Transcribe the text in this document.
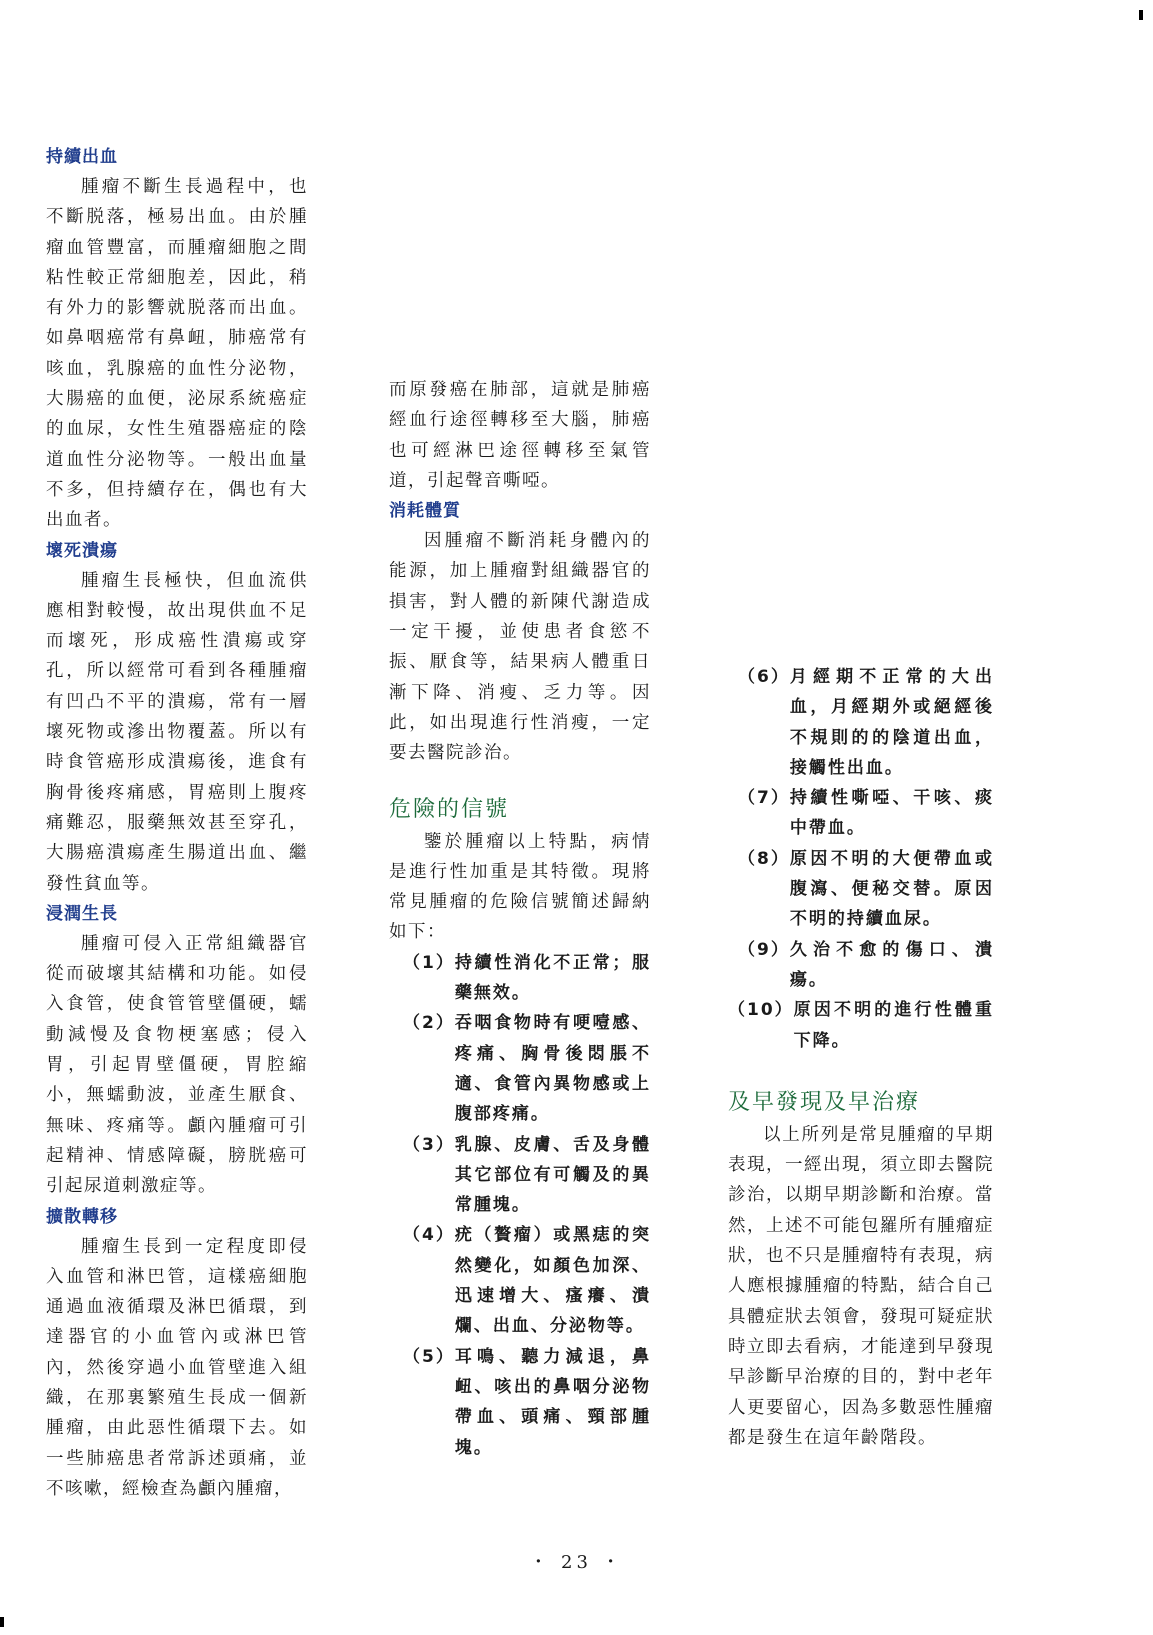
持續出血

腫瘤不斷生長過程中，也不斷脱落，極易出血。由於腫瘤血管豐富，而腫瘤細胞之間粘性較正常細胞差，因此，稍有外力的影響就脱落而出血。如鼻咽癌常有鼻衄，肺癌常有咳血，乳腺癌的血性分泌物，大腸癌的血便，泌尿系統癌症的血尿，女性生殖器癌症的陰道血性分泌物等。一般出血量不多，但持續存在，偶也有大出血者。

壞死潰瘍

腫瘤生長極快，但血流供應相對較慢，故出現供血不足而壞死，形成癌性潰瘍或穿孔，所以經常可看到各種腫瘤有凹凸不平的潰瘍，常有一層壞死物或滲出物覆蓋。所以有時食管癌形成潰瘍後，進食有胸骨後疼痛感，胃癌則上腹疼痛難忍，服藥無效甚至穿孔，大腸癌潰瘍產生腸道出血、繼發性貧血等。

浸潤生長

腫瘤可侵入正常組織器官從而破壞其結構和功能。如侵入食管，使食管管壁僵硬，蠕動減慢及食物梗塞感；侵入胃，引起胃壁僵硬，胃腔縮小，無蠕動波，並產生厭食、無味、疼痛等。顱內腫瘤可引起精神、情感障礙，膀胱癌可引起尿道刺激症等。

擴散轉移

腫瘤生長到一定程度即侵入血管和淋巴管，這樣癌細胞通過血液循環及淋巴循環，到達器官的小血管內或淋巴管內，然後穿過小血管壁進入組織，在那裏繁殖生長成一個新腫瘤，由此惡性循環下去。如一些肺癌患者常訴述頭痛，並不咳嗽，經檢查為顱內腫瘤，

而原發癌在肺部，這就是肺癌經血行途徑轉移至大腦，肺癌也可經淋巴途徑轉移至氣管道，引起聲音嘶啞。

消耗體質

因腫瘤不斷消耗身體內的能源，加上腫瘤對組織器官的損害，對人體的新陳代謝造成一定干擾，並使患者食慾不振、厭食等，結果病人體重日漸下降、消瘦、乏力等。因此，如出現進行性消瘦，一定要去醫院診治。

危險的信號

鑒於腫瘤以上特點，病情是進行性加重是其特徵。現將常見腫瘤的危險信號簡述歸納如下：

（1） 持續性消化不正常；服藥無效。
（2） 吞咽食物時有哽噎感、疼痛、胸骨後悶脹不適、食管內異物感或上腹部疼痛。
（3） 乳腺、皮膚、舌及身體其它部位有可觸及的異常腫塊。
（4） 疣（贅瘤）或黑痣的突然變化，如顏色加深、迅速增大、瘙癢、潰爛、出血、分泌物等。
（5） 耳鳴、聽力減退，鼻衄、咳出的鼻咽分泌物帶血、頭痛、頸部腫塊。
（6） 月經期不正常的大出血，月經期外或絕經後不規則的的陰道出血，接觸性出血。
（7） 持續性嘶啞、干咳、痰中帶血。
（8） 原因不明的大便帶血或腹瀉、便秘交替。原因不明的持續血尿。
（9） 久治不愈的傷口、潰瘍。
（10） 原因不明的進行性體重下降。
及早發現及早治療

以上所列是常見腫瘤的早期表現，一經出現，須立即去醫院診治，以期早期診斷和治療。當然，上述不可能包羅所有腫瘤症狀，也不只是腫瘤特有表現，病人應根據腫瘤的特點，結合自己具體症狀去領會，發現可疑症狀時立即去看病，才能達到早發現早診斷早治療的目的，對中老年人更要留心，因為多數惡性腫瘤都是發生在這年齡階段。

・ 23 ・
